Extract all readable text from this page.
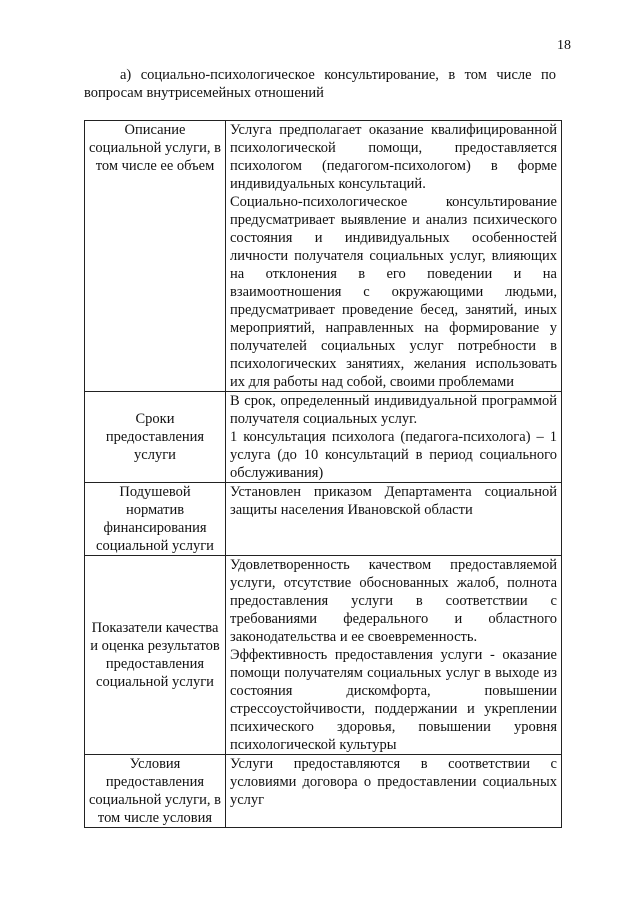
18

а) социально-психологическое консультирование, в том числе по
вопросам внутрисемейных отношений

Описание социальной услуги, в том числе ее объем	Услуга предполагает оказание квалифицированной психологической помощи, предоставляется психологом (педагогом-психологом) в форме индивидуальных консультаций.
Социально-психологическое консультирование предусматривает выявление и анализ психического состояния и индивидуальных особенностей личности получателя социальных услуг, влияющих на отклонения в его поведении и на взаимоотношения с окружающими людьми, предусматривает проведение бесед, занятий, иных мероприятий, направленных на формирование у получателей социальных услуг потребности в психологических занятиях, желания использовать их для работы над собой, своими проблемами

Сроки предоставления услуги	В срок, определенный индивидуальной программой получателя социальных услуг.
1 консультация психолога (педагога-психолога) – 1 услуга (до 10 консультаций в период социального обслуживания)

Подушевой норматив финансирования социальной услуги	Установлен приказом Департамента социальной защиты населения Ивановской области

Показатели качества и оценка результатов предоставления социальной услуги	Удовлетворенность качеством предоставляемой услуги, отсутствие обоснованных жалоб, полнота предоставления услуги в соответствии с требованиями федерального и областного законодательства и ее своевременность.
Эффективность предоставления услуги - оказание помощи получателям социальных услуг в выходе из состояния дискомфорта, повышении стрессоустойчивости, поддержании и укреплении психического здоровья, повышении уровня психологической культуры

Условия предоставления социальной услуги, в том числе условия	Услуги предоставляются в соответствии с условиями договора о предоставлении социальных услуг
